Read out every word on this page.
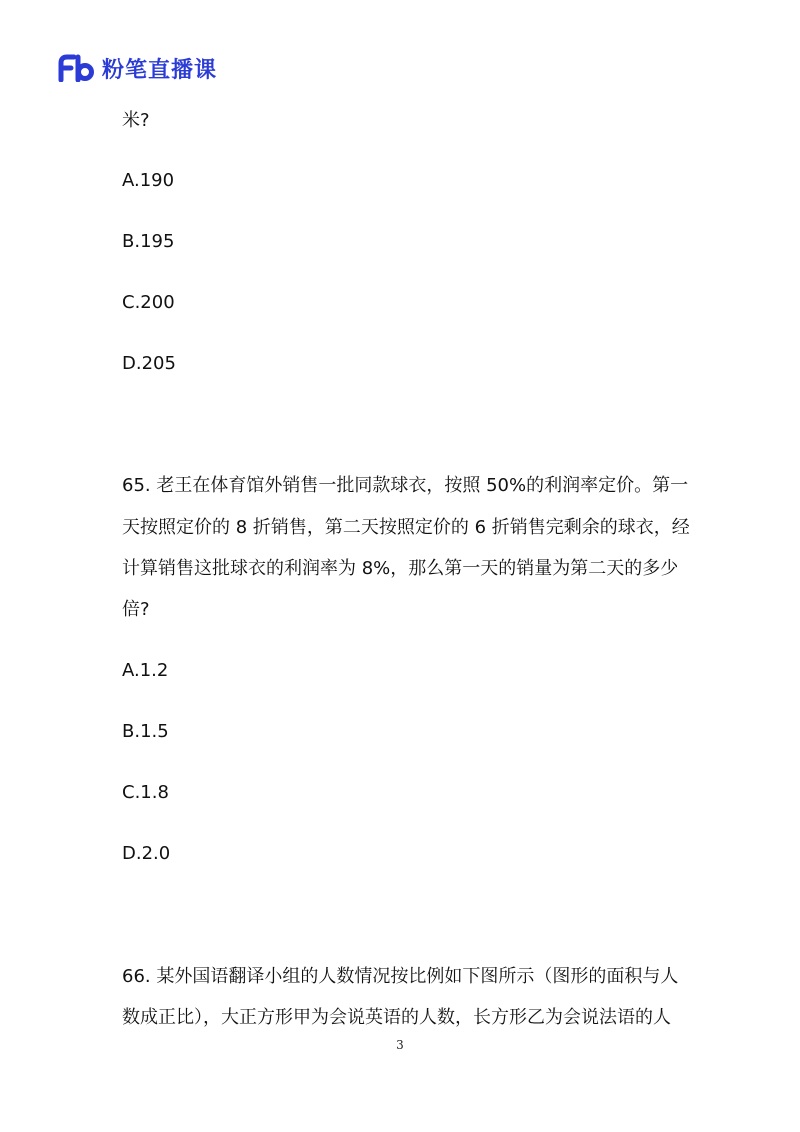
粉笔直播课
米?
A.190
B.195
C.200
D.205
65. 老王在体育馆外销售一批同款球衣，按照 50%的利润率定价。第一
天按照定价的 8 折销售，第二天按照定价的 6 折销售完剩余的球衣，经
计算销售这批球衣的利润率为 8%，那么第一天的销量为第二天的多少
倍?
A.1.2
B.1.5
C.1.8
D.2.0
66. 某外国语翻译小组的人数情况按比例如下图所示（图形的面积与人
数成正比），大正方形甲为会说英语的人数，长方形乙为会说法语的人
3
